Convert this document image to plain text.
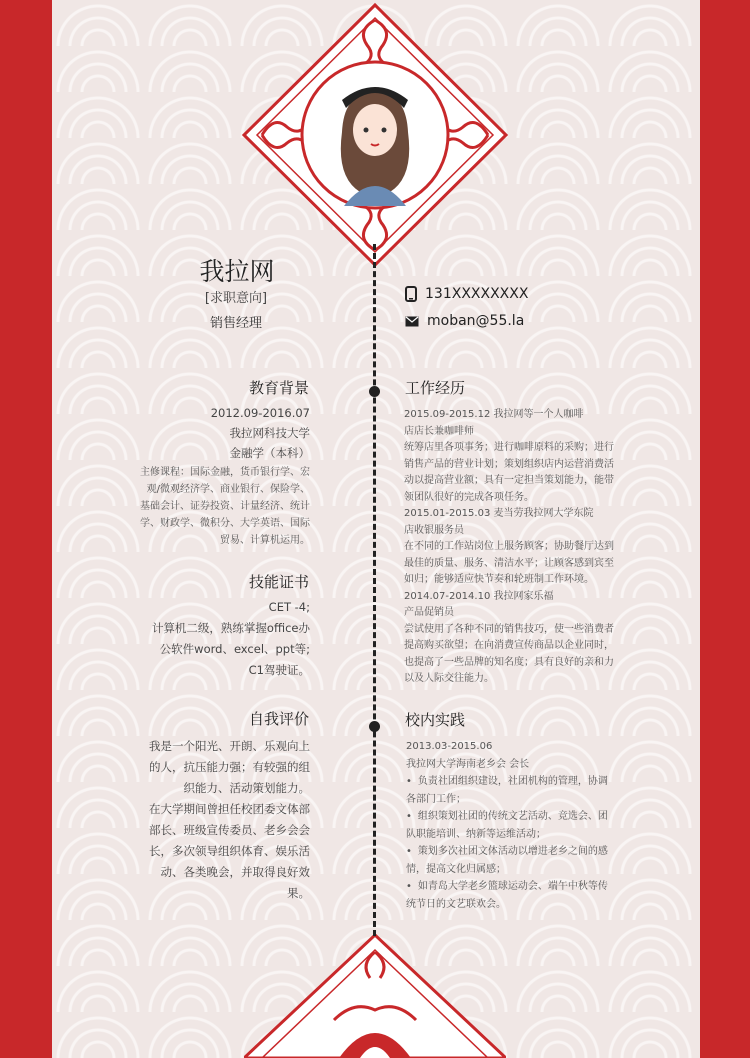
我拉网
[求职意向]
销售经理
131XXXXXXXX
moban@55.la
教育背景
2012.09-2016.07
我拉网科技大学
金融学（本科）
主修课程：国际金融，货币银行学、宏
观/微观经济学、商业银行、保险学、
基础会计、证券投资、计量经济、统计
学、财政学、微积分、大学英语、国际
贸易、计算机运用。
技能证书
CET -4;
计算机二级，熟练掌握office办
公软件word、excel、ppt等;
C1驾驶证。
自我评价
我是一个阳光、开朗、乐观向上
的人，抗压能力强；有较强的组
织能力、活动策划能力。
在大学期间曾担任校团委文体部
部长、班级宣传委员、老乡会会
长，多次领导组织体育、娱乐活
动、各类晚会，并取得良好效
果。
工作经历
2015.09-2015.12 我拉网等一个人咖啡
店店长兼咖啡师
统筹店里各项事务；进行咖啡原料的采购；进行
销售产品的营业计划；策划组织店内运营消费活
动以提高营业额；具有一定担当策划能力，能带
领团队很好的完成各项任务。
2015.01-2015.03 麦当劳我拉网大学东院
店收银服务员
在不同的工作站岗位上服务顾客；协助餐厅达到
最佳的质量、服务、清洁水平；让顾客感到宾至
如归；能够适应快节奏和轮班制工作环境。
2014.07-2014.10 我拉网家乐福
产品促销员
尝试使用了各种不同的销售技巧，使一些消费者
提高购买欲望；在向消费宣传商品以企业同时，
也提高了一些品牌的知名度；具有良好的亲和力
以及人际交往能力。
校内实践
2013.03-2015.06
我拉网大学海南老乡会 会长
• 负责社团组织建设，社团机构的管理，协调
各部门工作；
• 组织策划社团的传统文艺活动、竞选会、团
队职能培训、纳新等运维活动；
• 策划多次社团文体活动以增进老乡之间的感
情，提高文化归属感；
• 如青岛大学老乡篮球运动会、端午中秋等传
统节日的文艺联欢会。
